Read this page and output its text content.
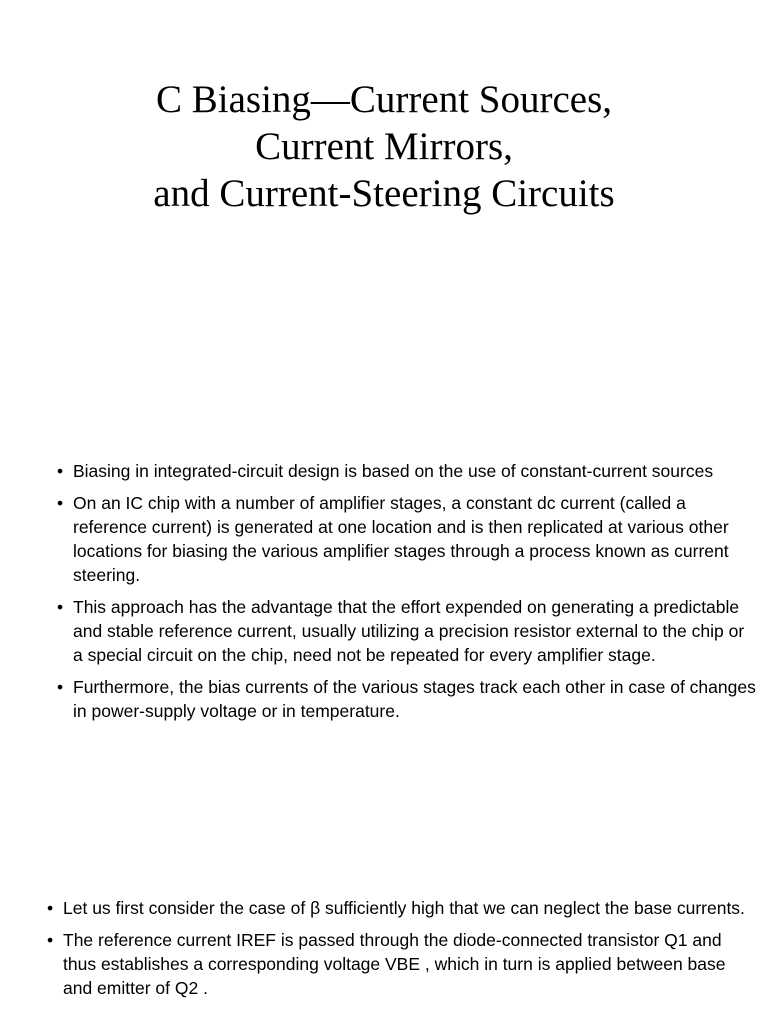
C Biasing—Current Sources,
Current Mirrors,
and Current-Steering Circuits
• Biasing in integrated-circuit design is based on the use of constant-current sources
• On an IC chip with a number of amplifier stages, a constant dc current (called a reference current) is generated at one location and is then replicated at various other locations for biasing the various amplifier stages through a process known as current steering.
• This approach has the advantage that the effort expended on generating a predictable and stable reference current, usually utilizing a precision resistor external to the chip or a special circuit on the chip, need not be repeated for every amplifier stage.
• Furthermore, the bias currents of the various stages track each other in case of changes in power-supply voltage or in temperature.
• Let us first consider the case of β sufficiently high that we can neglect the base currents.
• The reference current IREF is passed through the diode-connected transistor Q1 and thus establishes a corresponding voltage VBE , which in turn is applied between base and emitter of Q2 .
